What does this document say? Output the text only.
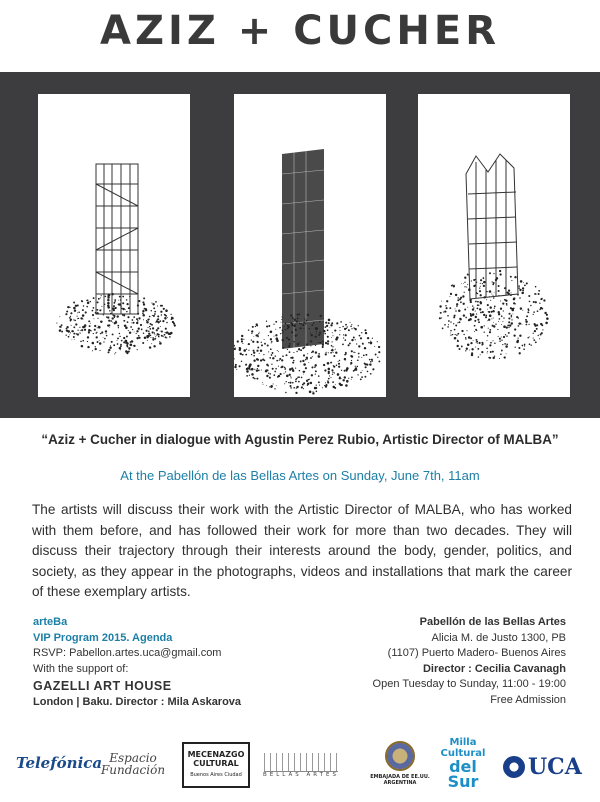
AZIZ + CUCHER
“Aziz + Cucher in dialogue with Agustin Perez Rubio, Artistic Director of MALBA”
At the Pabellón de las Bellas Artes on Sunday, June 7th, 11am
The artists will discuss their work with the Artistic Director of MALBA, who has worked with them before, and has followed their work for more than two decades. They will discuss their trajectory through their interests around the body, gender, politics, and society, as they appear in the photographs, videos and installations that mark the career of these exemplary artists.
arteBa
VIP Program 2015. Agenda
RSVP: Pabellon.artes.uca@gmail.com
With the support of:
GAZELLI ART HOUSE
London | Baku. Director : Mila Askarova
Pabellón de las Bellas Artes
Alicia M. de Justo 1300, PB
(1107) Puerto Madero- Buenos Aires
Director : Cecilia Cavanagh
Open Tuesday to Sunday, 11:00 - 19:00
Free Admission
Telefónica Espacio Fundación
MECENAZGO
CULTURAL
Buenos Aires Ciudad	BELLAS ARTES	EMBAJADA DE EE.UU. ARGENTINA
Milla
Cultural
del Sur
UCA
